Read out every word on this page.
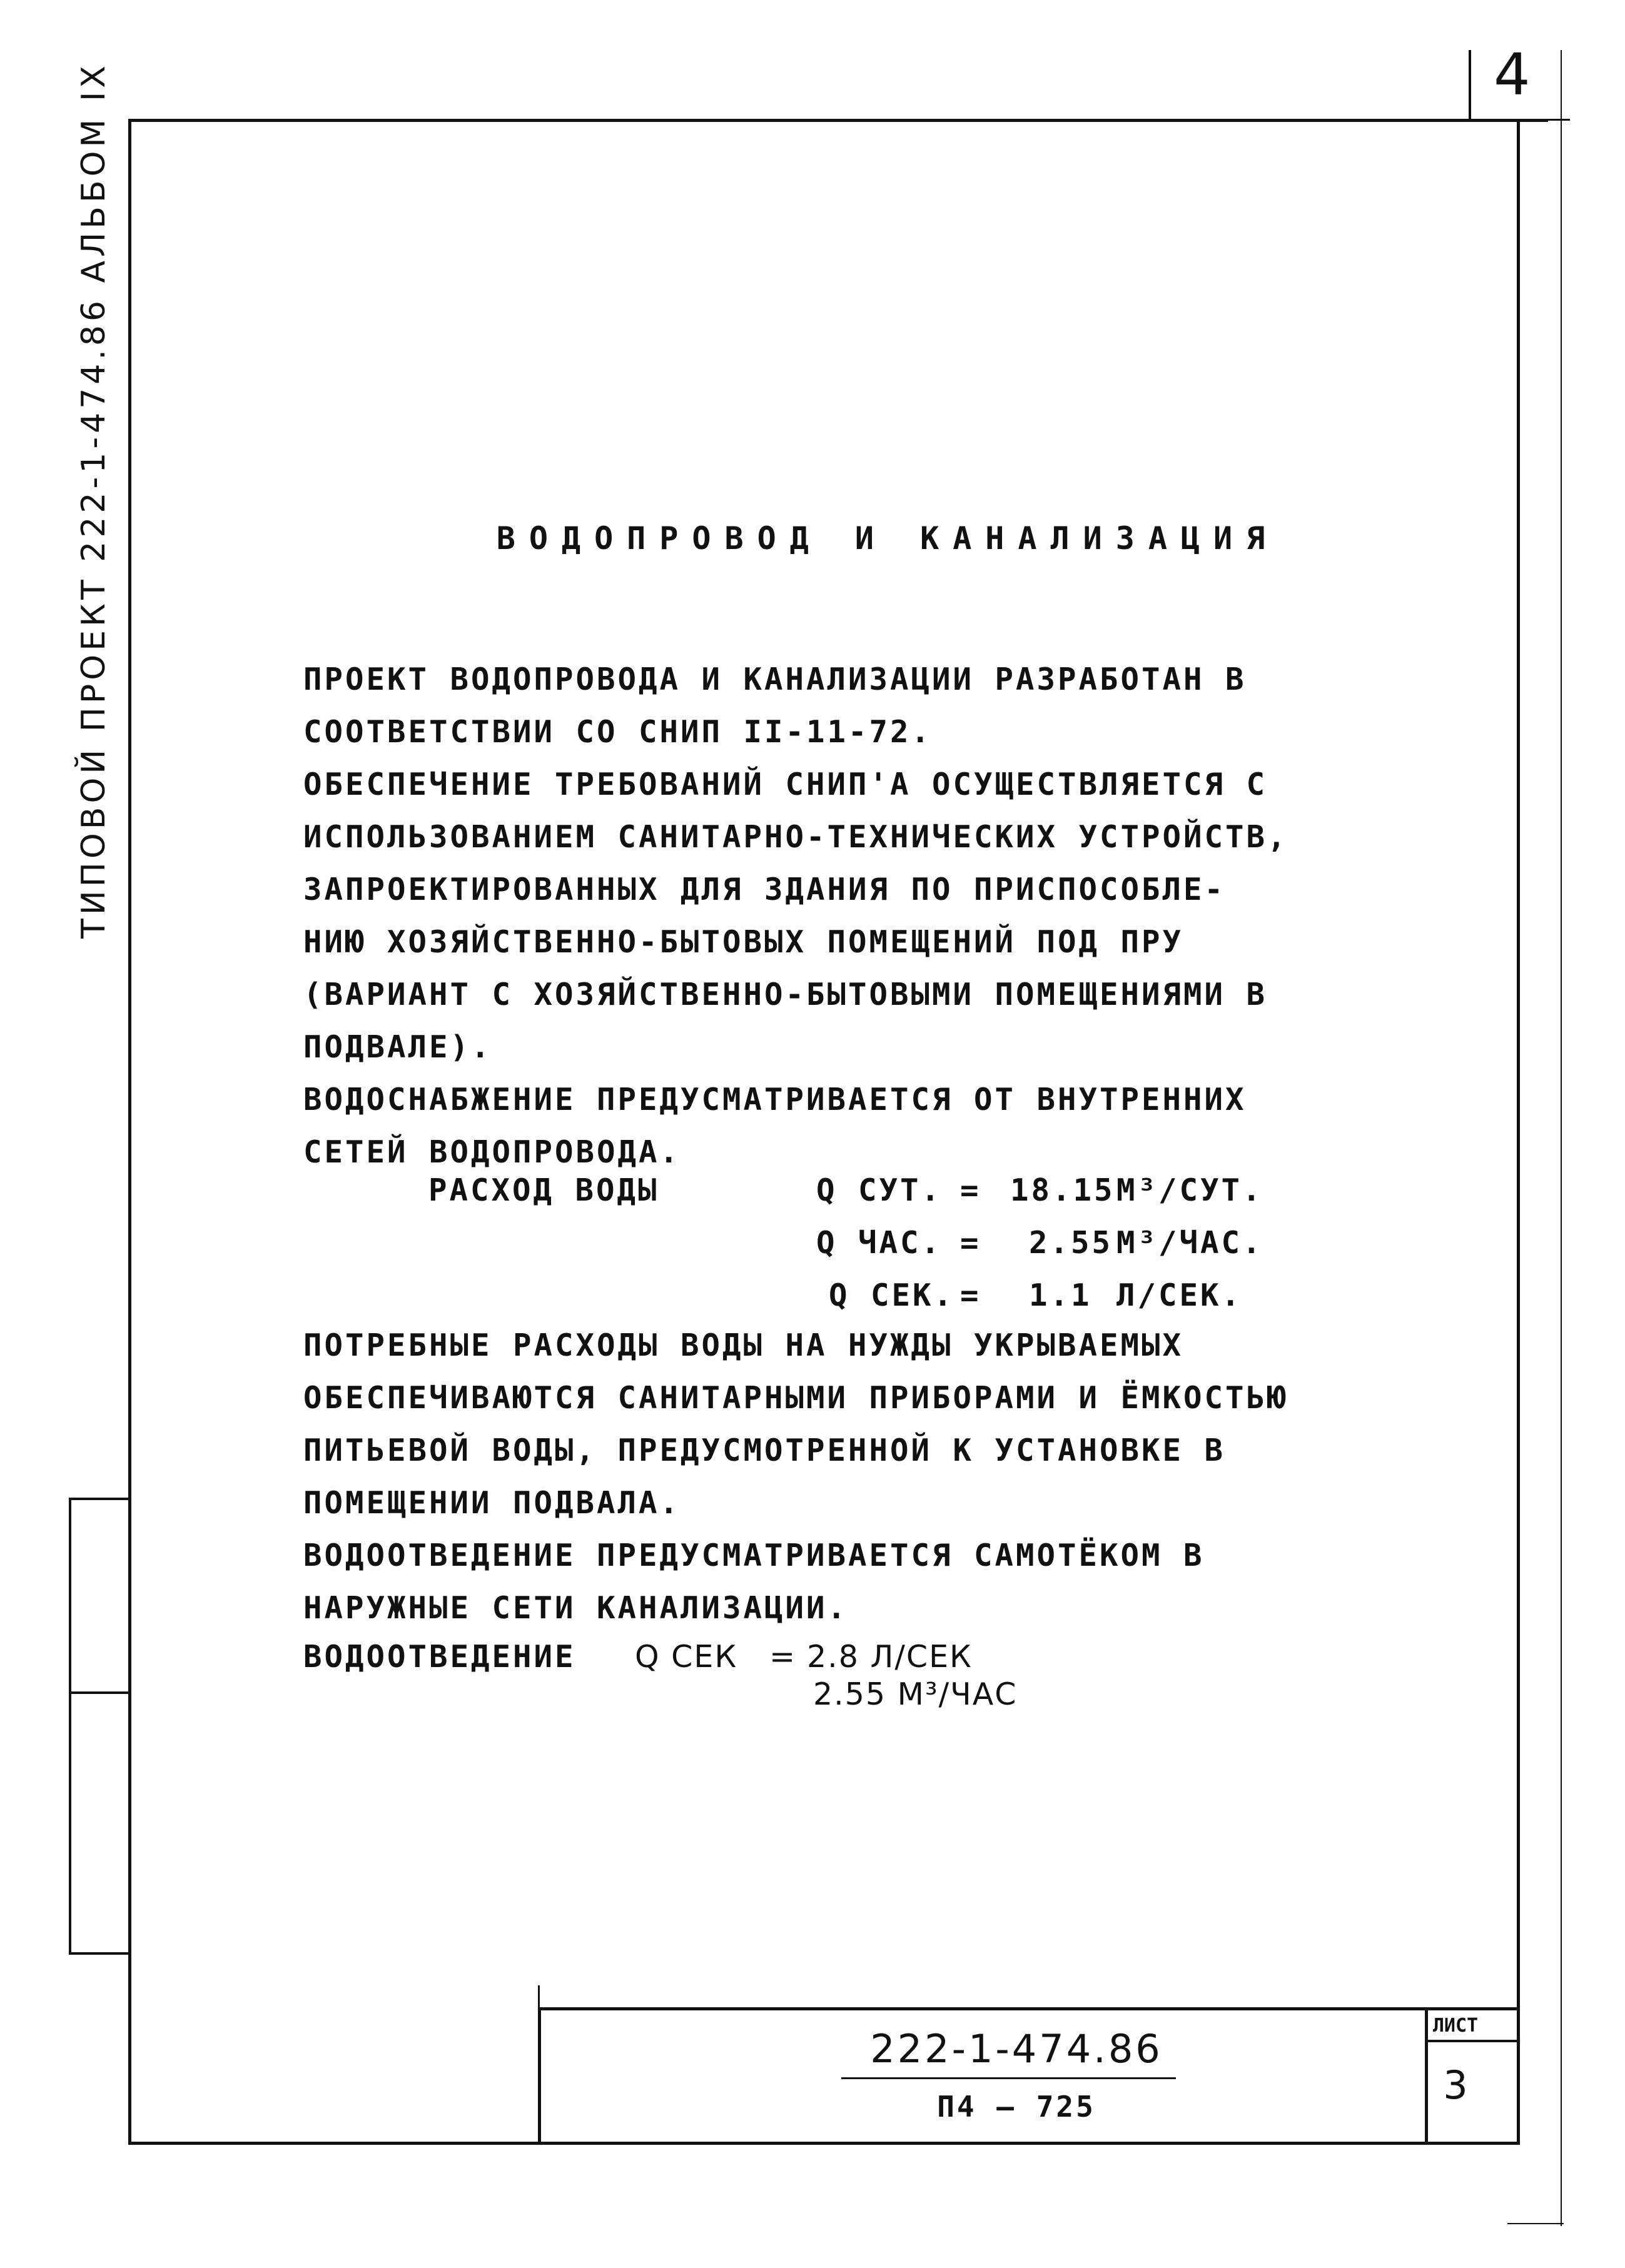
4
ТИПОВОЙ ПРОЕКТ 222-1-474.86 АЛЬБОМ IX	ВОДОПРОВОД И КАНАЛИЗАЦИЯ

ПРОЕКТ ВОДОПРОВОДА И КАНАЛИЗАЦИИ РАЗРАБОТАН В

СООТВЕТСТВИИ СО СНИП II-11-72.

ОБЕСПЕЧЕНИЕ ТРЕБОВАНИЙ СНИП'А ОСУЩЕСТВЛЯЕТСЯ С

ИСПОЛЬЗОВАНИЕМ САНИТАРНО-ТЕХНИЧЕСКИХ УСТРОЙСТВ,

ЗАПРОЕКТИРОВАННЫХ ДЛЯ ЗДАНИЯ ПО ПРИСПОСОБЛЕ-

НИЮ ХОЗЯЙСТВЕННО-БЫТОВЫХ ПОМЕЩЕНИЙ ПОД ПРУ

(ВАРИАНТ С ХОЗЯЙСТВЕННО-БЫТОВЫМИ ПОМЕЩЕНИЯМИ В

ПОДВАЛЕ).

ВОДОСНАБЖЕНИЕ ПРЕДУСМАТРИВАЕТСЯ ОТ ВНУТРЕННИХ

СЕТЕЙ ВОДОПРОВОДА.

РАСХОД ВОДЫ	Q СУТ. = 18.15 М³/СУТ.
Q ЧАС. = 2.55 М³/ЧАС.
Q СЕК. = 1.1 Л/СЕК.

ПОТРЕБНЫЕ РАСХОДЫ ВОДЫ НА НУЖДЫ УКРЫВАЕМЫХ

ОБЕСПЕЧИВАЮТСЯ САНИТАРНЫМИ ПРИБОРАМИ И ЁМКОСТЬЮ

ПИТЬЕВОЙ ВОДЫ, ПРЕДУСМОТРЕННОЙ К УСТАНОВКЕ В

ПОМЕЩЕНИИ ПОДВАЛА.

ВОДООТВЕДЕНИЕ ПРЕДУСМАТРИВАЕТСЯ САМОТЁКОМ В

НАРУЖНЫЕ СЕТИ КАНАЛИЗАЦИИ.

ВОДООТВЕДЕНИЕ Q СЕК = 2.8 Л/СЕК
2.55 М³/ЧАС
222-1-474.86
П4 — 725
ЛИСТ
3
